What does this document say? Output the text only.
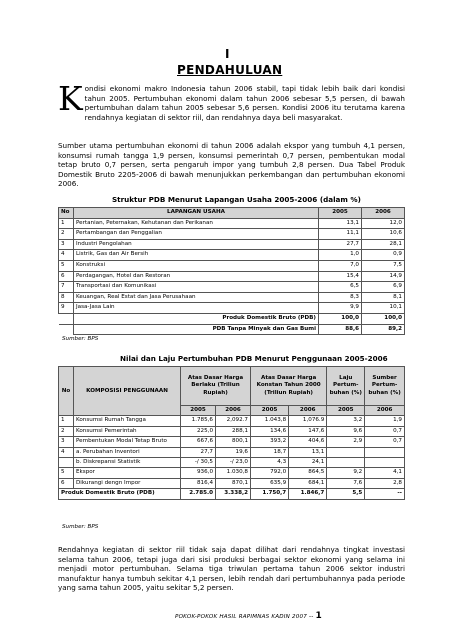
I
PENDAHULUAN
Kondisi ekonomi makro Indonesia tahun 2006 stabil, tapi tidak lebih baik dari kondisi tahun 2005. Pertumbuhan ekonomi dalam tahun 2006 sebesar 5,5 persen, di bawah pertumbuhan dalam tahun 2005 sebesar 5,6 persen. Kondisi 2006 itu terutama karena rendahnya kegiatan di sektor riil, dan rendahnya daya beli masyarakat.
Sumber utama pertumbuhan ekonomi di tahun 2006 adalah ekspor yang tumbuh 4,1 persen, konsumsi rumah tangga 1,9 persen, konsumsi pemerintah 0,7 persen, pembentukan modal tetap bruto 0,7 persen, serta pengaruh impor yang tumbuh 2,8 persen. Dua Tabel Produk Domestik Bruto 2205-2006 di bawah menunjukkan perkembangan dan pertumbuhan ekonomi 2006.
Struktur PDB Menurut Lapangan Usaha 2005-2006 (dalam %)
No	LAPANGAN USAHA	2005	2006
1	Pertanian, Peternakan, Kehutanan dan Perikanan	13,1	12,0
2	Pertambangan dan Penggalian	11,1	10,6
3	Industri Pengolahan	27,7	28,1
4	Listrik, Gas dan Air Bersih	1,0	0,9
5	Konstruksi	7,0	7,5
6	Perdagangan, Hotel dan Restoran	15,4	14,9
7	Transportasi dan Komunikasi	6,5	6,9
8	Keuangan, Real Estat dan Jasa Perusahaan	8,3	8,1
9	Jasa-Jasa Lain	9,9	10,1
	Produk Domestik Bruto (PDB)	100,0	100,0
	PDB Tanpa Minyak dan Gas Bumi	88,6	89,2
Sumber: BPS
Nilai dan Laju Pertumbuhan PDB Menurut Penggunaan 2005-2006
No	KOMPOSISI PENGGUNAAN	Atas Dasar Harga Berlaku (Triliun Rupiah)		Atas Dasar Harga Konstan Tahun 2000 (Triliun Rupiah)		Laju Pertum-buhan (%)	Sumber Pertum-buhan (%)
		2005	2006	2005	2006	2005	2006
1	Konsumsi Rumah Tangga	1.785,6	2,092.7	1.043,8	1,076.9	3,2	1,9
2	Konsumsi Pemerintah	225,0	288,1	134,6	147,6	9,6	0,7
3	Pembentukan Modal Tetap Bruto	667,6	800,1	393,2	404,6	2,9	0,7
4	a. Perubahan Inventori	27,7	19,6	18,7	13,1		
	b. Diskrepansi Statistik	-/ 30,5	-/ 23,0	4,3	24,1		
5	Ekspor	936,0	1.030,8	792,0	864,5	9,2	4,1
6	Dikurangi dengn Impor	816,4	870,1	635,9	684,1	7,6	2,8
Produk Domestik Bruto (PDB)		2.785.0	3.338,2	1.750,7	1.846,7	5,5	--
Sumber: BPS
Rendahnya kegiatan di sektor riil tidak saja dapat dilihat dari rendahnya tingkat investasi selama tahun 2006, tetapi juga dari sisi produksi berbagai sektor ekonomi yang selama ini menjadi motor pertumbuhan. Selama tiga triwulan pertama tahun 2006 sektor industri manufaktur hanya tumbuh sekitar 4,1 persen, lebih rendah dari pertumbuhannya pada periode yang sama tahun 2005, yaitu sekitar 5,2 persen.
POKOK-POKOK HASIL RAPIMNAS KADIN 2007 -- 1
